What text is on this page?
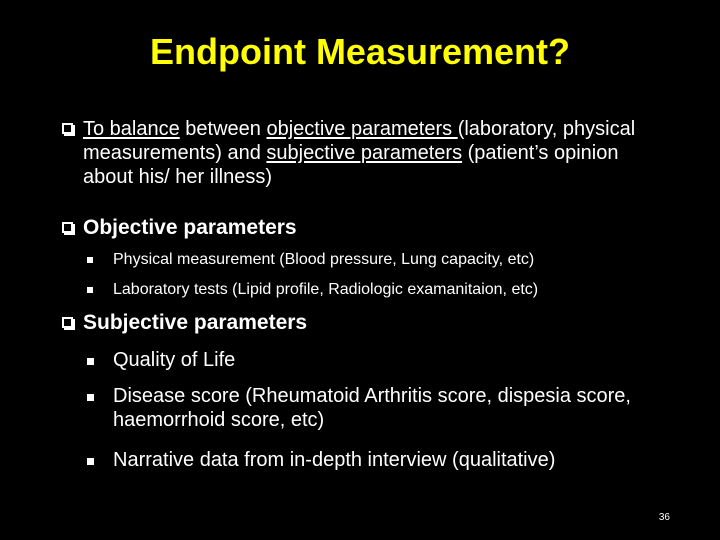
Endpoint Measurement?
To balance between objective parameters (laboratory, physical measurements) and subjective parameters (patient’s opinion about his/ her illness)
Objective parameters
Physical measurement (Blood pressure, Lung capacity, etc)
Laboratory tests (Lipid profile, Radiologic examanitaion, etc)
Subjective parameters
Quality of Life
Disease score (Rheumatoid Arthritis score, dispesia score, haemorrhoid score, etc)
Narrative data from in-depth interview (qualitative)
36
